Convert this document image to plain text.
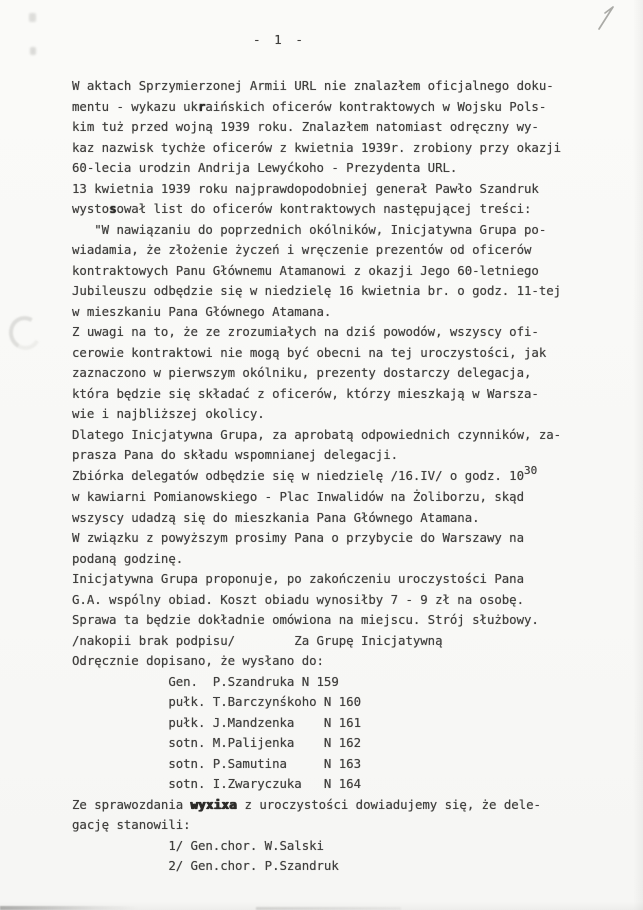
- 1 -
W aktach Sprzymierzonej Armii URL nie znalazłem oficjalnego doku-
mentu - wykazu ukraińskich oficerów kontraktowych w Wojsku Pols-
kim tuż przed wojną 1939 roku. Znalazłem natomiast odręczny wy-
kaz nazwisk tychże oficerów z kwietnia 1939r. zrobiony przy okazji
60-lecia urodzin Andrija Lewyćkoho - Prezydenta URL.
13 kwietnia 1939 roku najprawdopodobniej generał Pawło Szandruk
wystosował list do oficerów kontraktowych następującej treści:
"W nawiązaniu do poprzednich okólników, Inicjatywna Grupa po-
wiadamia, że złożenie życzeń i wręczenie prezentów od oficerów
kontraktowych Panu Głównemu Atamanowi z okazji Jego 60-letniego
Jubileuszu odbędzie się w niedzielę 16 kwietnia br. o godz. 11-tej
w mieszkaniu Pana Głównego Atamana.
Z uwagi na to, że ze zrozumiałych na dziś powodów, wszyscy ofi-
cerowie kontraktowi nie mogą być obecni na tej uroczystości, jak
zaznaczono w pierwszym okólniku, prezenty dostarczy delegacja,
która będzie się składać z oficerów, którzy mieszkają w Warsza-
wie i najbliższej okolicy.
Dlatego Inicjatywna Grupa, za aprobatą odpowiednich czynników, za-
prasza Pana do składu wspomnianej delegacji.
Zbiórka delegatów odbędzie się w niedzielę /16.IV/ o godz. 1030
w kawiarni Pomianowskiego - Plac Inwalidów na Żoliborzu, skąd
wszyscy udadzą się do mieszkania Pana Głównego Atamana.
W związku z powyższym prosimy Pana o przybycie do Warszawy na
podaną godzinę.
Inicjatywna Grupa proponuje, po zakończeniu uroczystości Pana
G.A. wspólny obiad. Koszt obiadu wynosiłby 7 - 9 zł na osobę.
Sprawa ta będzie dokładnie omówiona na miejscu. Strój służbowy.
/nakopii brak podpisu/        Za Grupę Inicjatywną
Odręcznie dopisano, że wysłano do:
Gen.  P.Szandruka N 159
pułk. T.Barczynśkoho N 160
pułk. J.Mandzenka    N 161
sotn. M.Palijenka    N 162
sotn. P.Samutina     N 163
sotn. I.Zwaryczuka   N 164
Ze sprawozdania wyxixa z uroczystości dowiadujemy się, że dele-
gację stanowili:
1/ Gen.chor. W.Salski
2/ Gen.chor. P.Szandruk
